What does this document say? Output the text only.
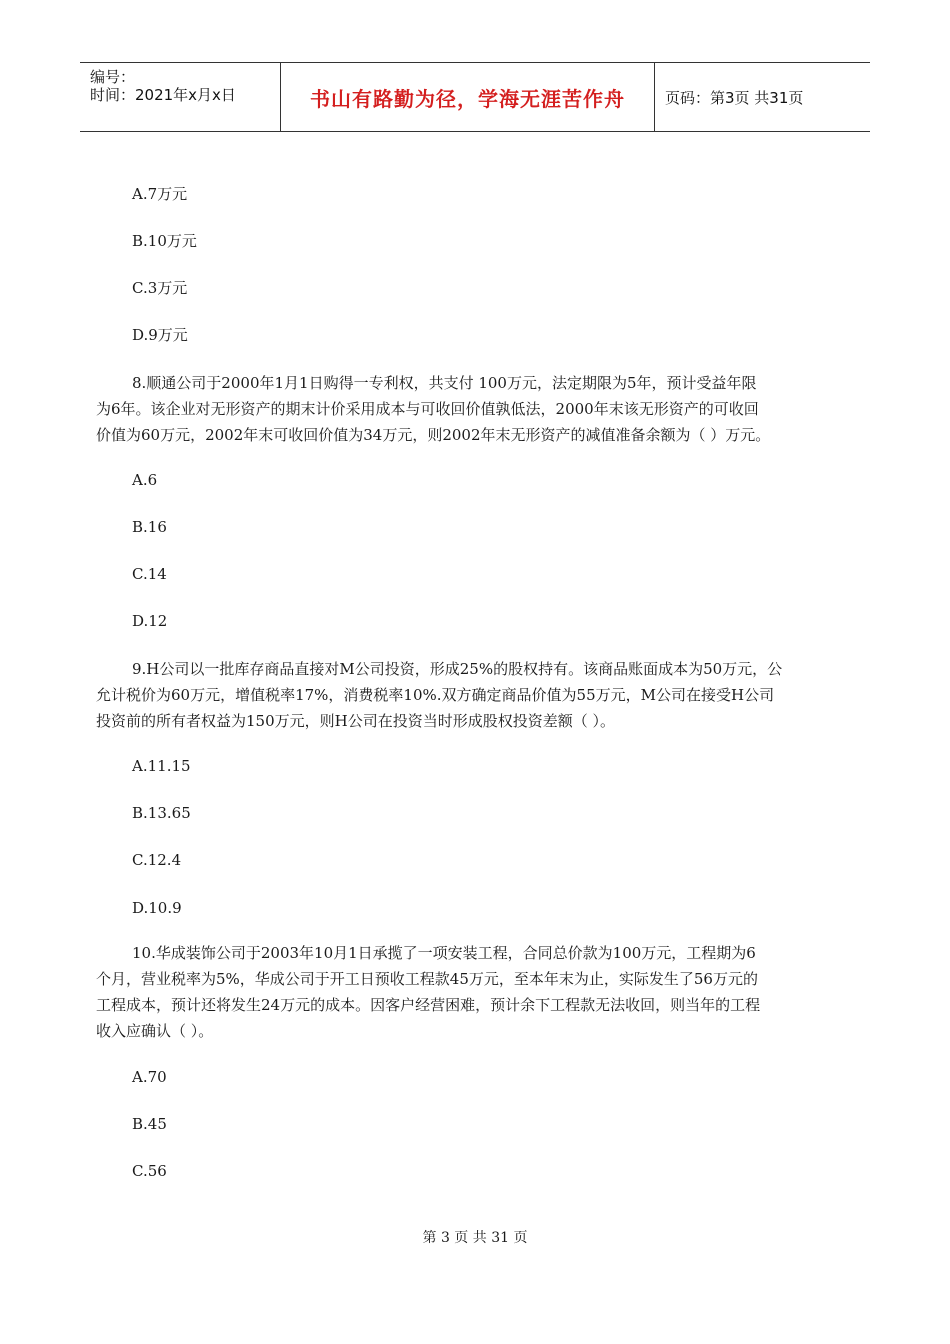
编号：
时间：2021年x月x日	书山有路勤为径，学海无涯苦作舟	页码：第3页 共31页
A.7万元
B.10万元
C.3万元
D.9万元
8.顺通公司于2000年1月1日购得一专利权，共支付 100万元，法定期限为5年，预计受益年限
为6年。该企业对无形资产的期末计价采用成本与可收回价值孰低法，2000年末该无形资产的可收回
价值为60万元，2002年末可收回价值为34万元，则2002年末无形资产的减值准备余额为（ ）万元。
A.6
B.16
C.14
D.12
9.H公司以一批库存商品直接对M公司投资，形成25%的股权持有。该商品账面成本为50万元，公
允计税价为60万元，增值税率17%，消费税率10%.双方确定商品价值为55万元，M公司在接受H公司
投资前的所有者权益为150万元，则H公司在投资当时形成股权投资差额（ ）。
A.11.15
B.13.65
C.12.4
D.10.9
10.华成装饰公司于2003年10月1日承揽了一项安装工程，合同总价款为100万元，工程期为6
个月，营业税率为5%，华成公司于开工日预收工程款45万元，至本年末为止，实际发生了56万元的
工程成本，预计还将发生24万元的成本。因客户经营困难，预计余下工程款无法收回，则当年的工程
收入应确认（ ）。
A.70
B.45
C.56
第 3 页 共 31 页
